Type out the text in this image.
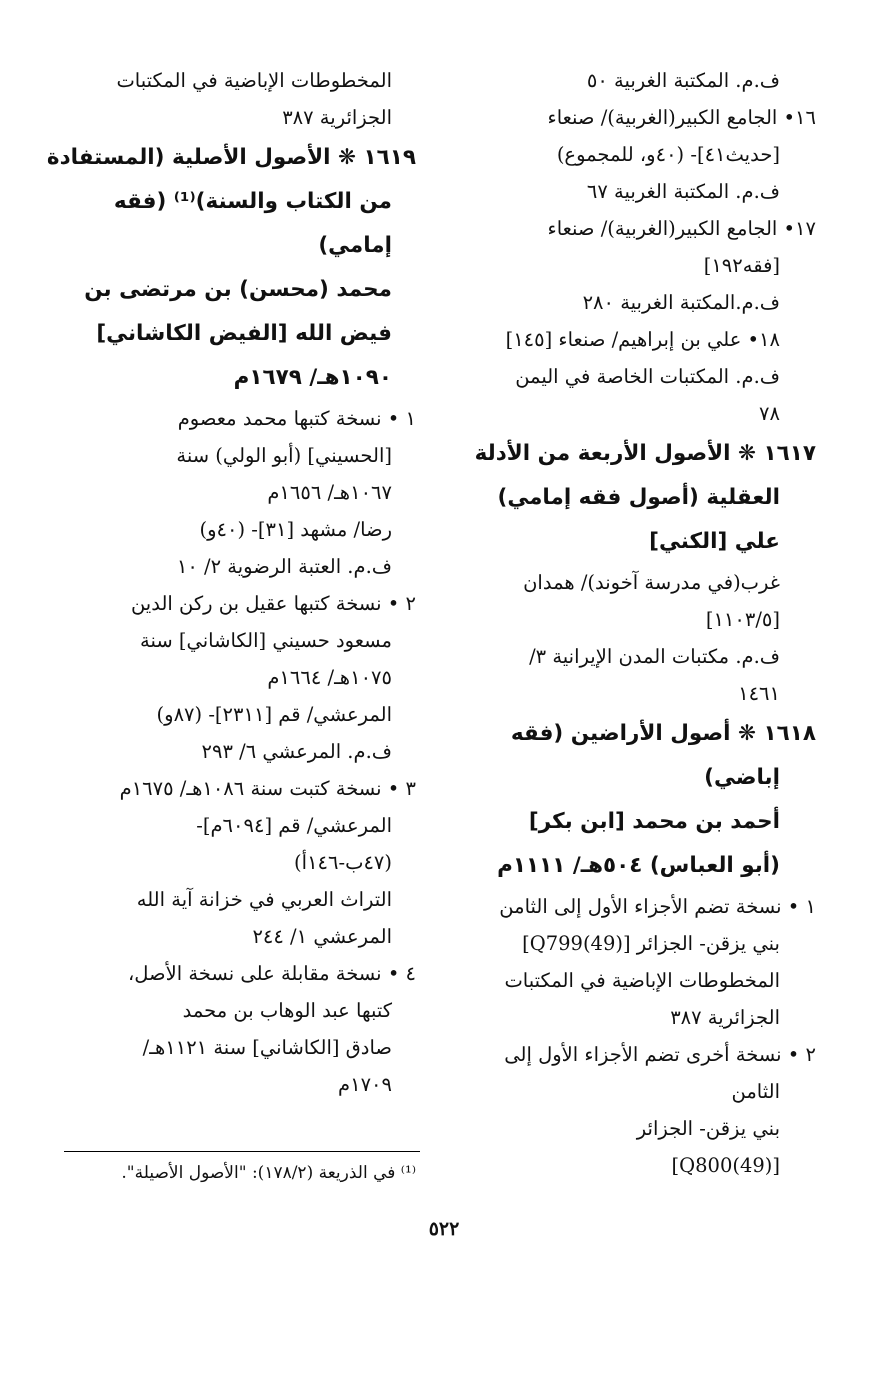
ف.م. المكتبة الغربية ٥٠
١٦• الجامع الكبير(الغربية)/ صنعاء
[حديث٤١]- (٤٠و، للمجموع)
ف.م. المكتبة الغربية ٦٧
١٧• الجامع الكبير(الغربية)/ صنعاء
[فقه١٩٢]
ف.م.المكتبة الغربية ٢٨٠
١٨• علي بن إبراهيم/ صنعاء [١٤٥]
ف.م. المكتبات الخاصة في اليمن
٧٨
١٦١٧ ❋ الأصول الأربعة من الأدلة
العقلية (أصول فقه إمامي)
علي [الكني]
غرب(في مدرسة آخوند)/ همدان
[١١٠٣/٥]
ف.م. مكتبات المدن الإيرانية ٣/
١٤٦١
١٦١٨ ❋ أصول الأراضين (فقه
إباضي)
أحمد بن محمد [ابن بكر]
(أبو العباس) ٥٠٤هـ/ ١١١١م
١ • نسخة تضم الأجزاء الأول إلى الثامن
بني يزقن- الجزائر [Q799(49)]
المخطوطات الإباضية في المكتبات
الجزائرية ٣٨٧
٢ • نسخة أخرى تضم الأجزاء الأول إلى
الثامن
بني يزقن- الجزائر
[Q800(49)]
المخطوطات الإباضية في المكتبات
الجزائرية ٣٨٧
١٦١٩ ❋ الأصول الأصلية (المستفادة
من الكتاب والسنة)⁽¹⁾ (فقه
إمامي)
محمد (محسن) بن مرتضى بن
فيض الله [الفيض الكاشاني]
١٠٩٠هـ/ ١٦٧٩م
١ • نسخة كتبها محمد معصوم
[الحسيني] (أبو الولي) سنة
١٠٦٧هـ/ ١٦٥٦م
رضا/ مشهد [٣١]- (٤٠و)
ف.م. العتبة الرضوية ٢/ ١٠
٢ • نسخة كتبها عقيل بن ركن الدين
مسعود حسيني [الكاشاني] سنة
١٠٧٥هـ/ ١٦٦٤م
المرعشي/ قم [٢٣١١]- (٨٧و)
ف.م. المرعشي ٦/ ٢٩٣
٣ • نسخة كتبت سنة ١٠٨٦هـ/ ١٦٧٥م
المرعشي/ قم [٦٠٩٤م]-
(٤٧ب-١٤٦أ)
التراث العربي في خزانة آية الله
المرعشي ١/ ٢٤٤
٤ • نسخة مقابلة على نسخة الأصل،
كتبها عبد الوهاب بن محمد
صادق [الكاشاني] سنة ١١٢١هـ/
١٧٠٩م
⁽¹⁾ في الذريعة (١٧٨/٢): "الأصول الأصيلة".
٥٢٢
